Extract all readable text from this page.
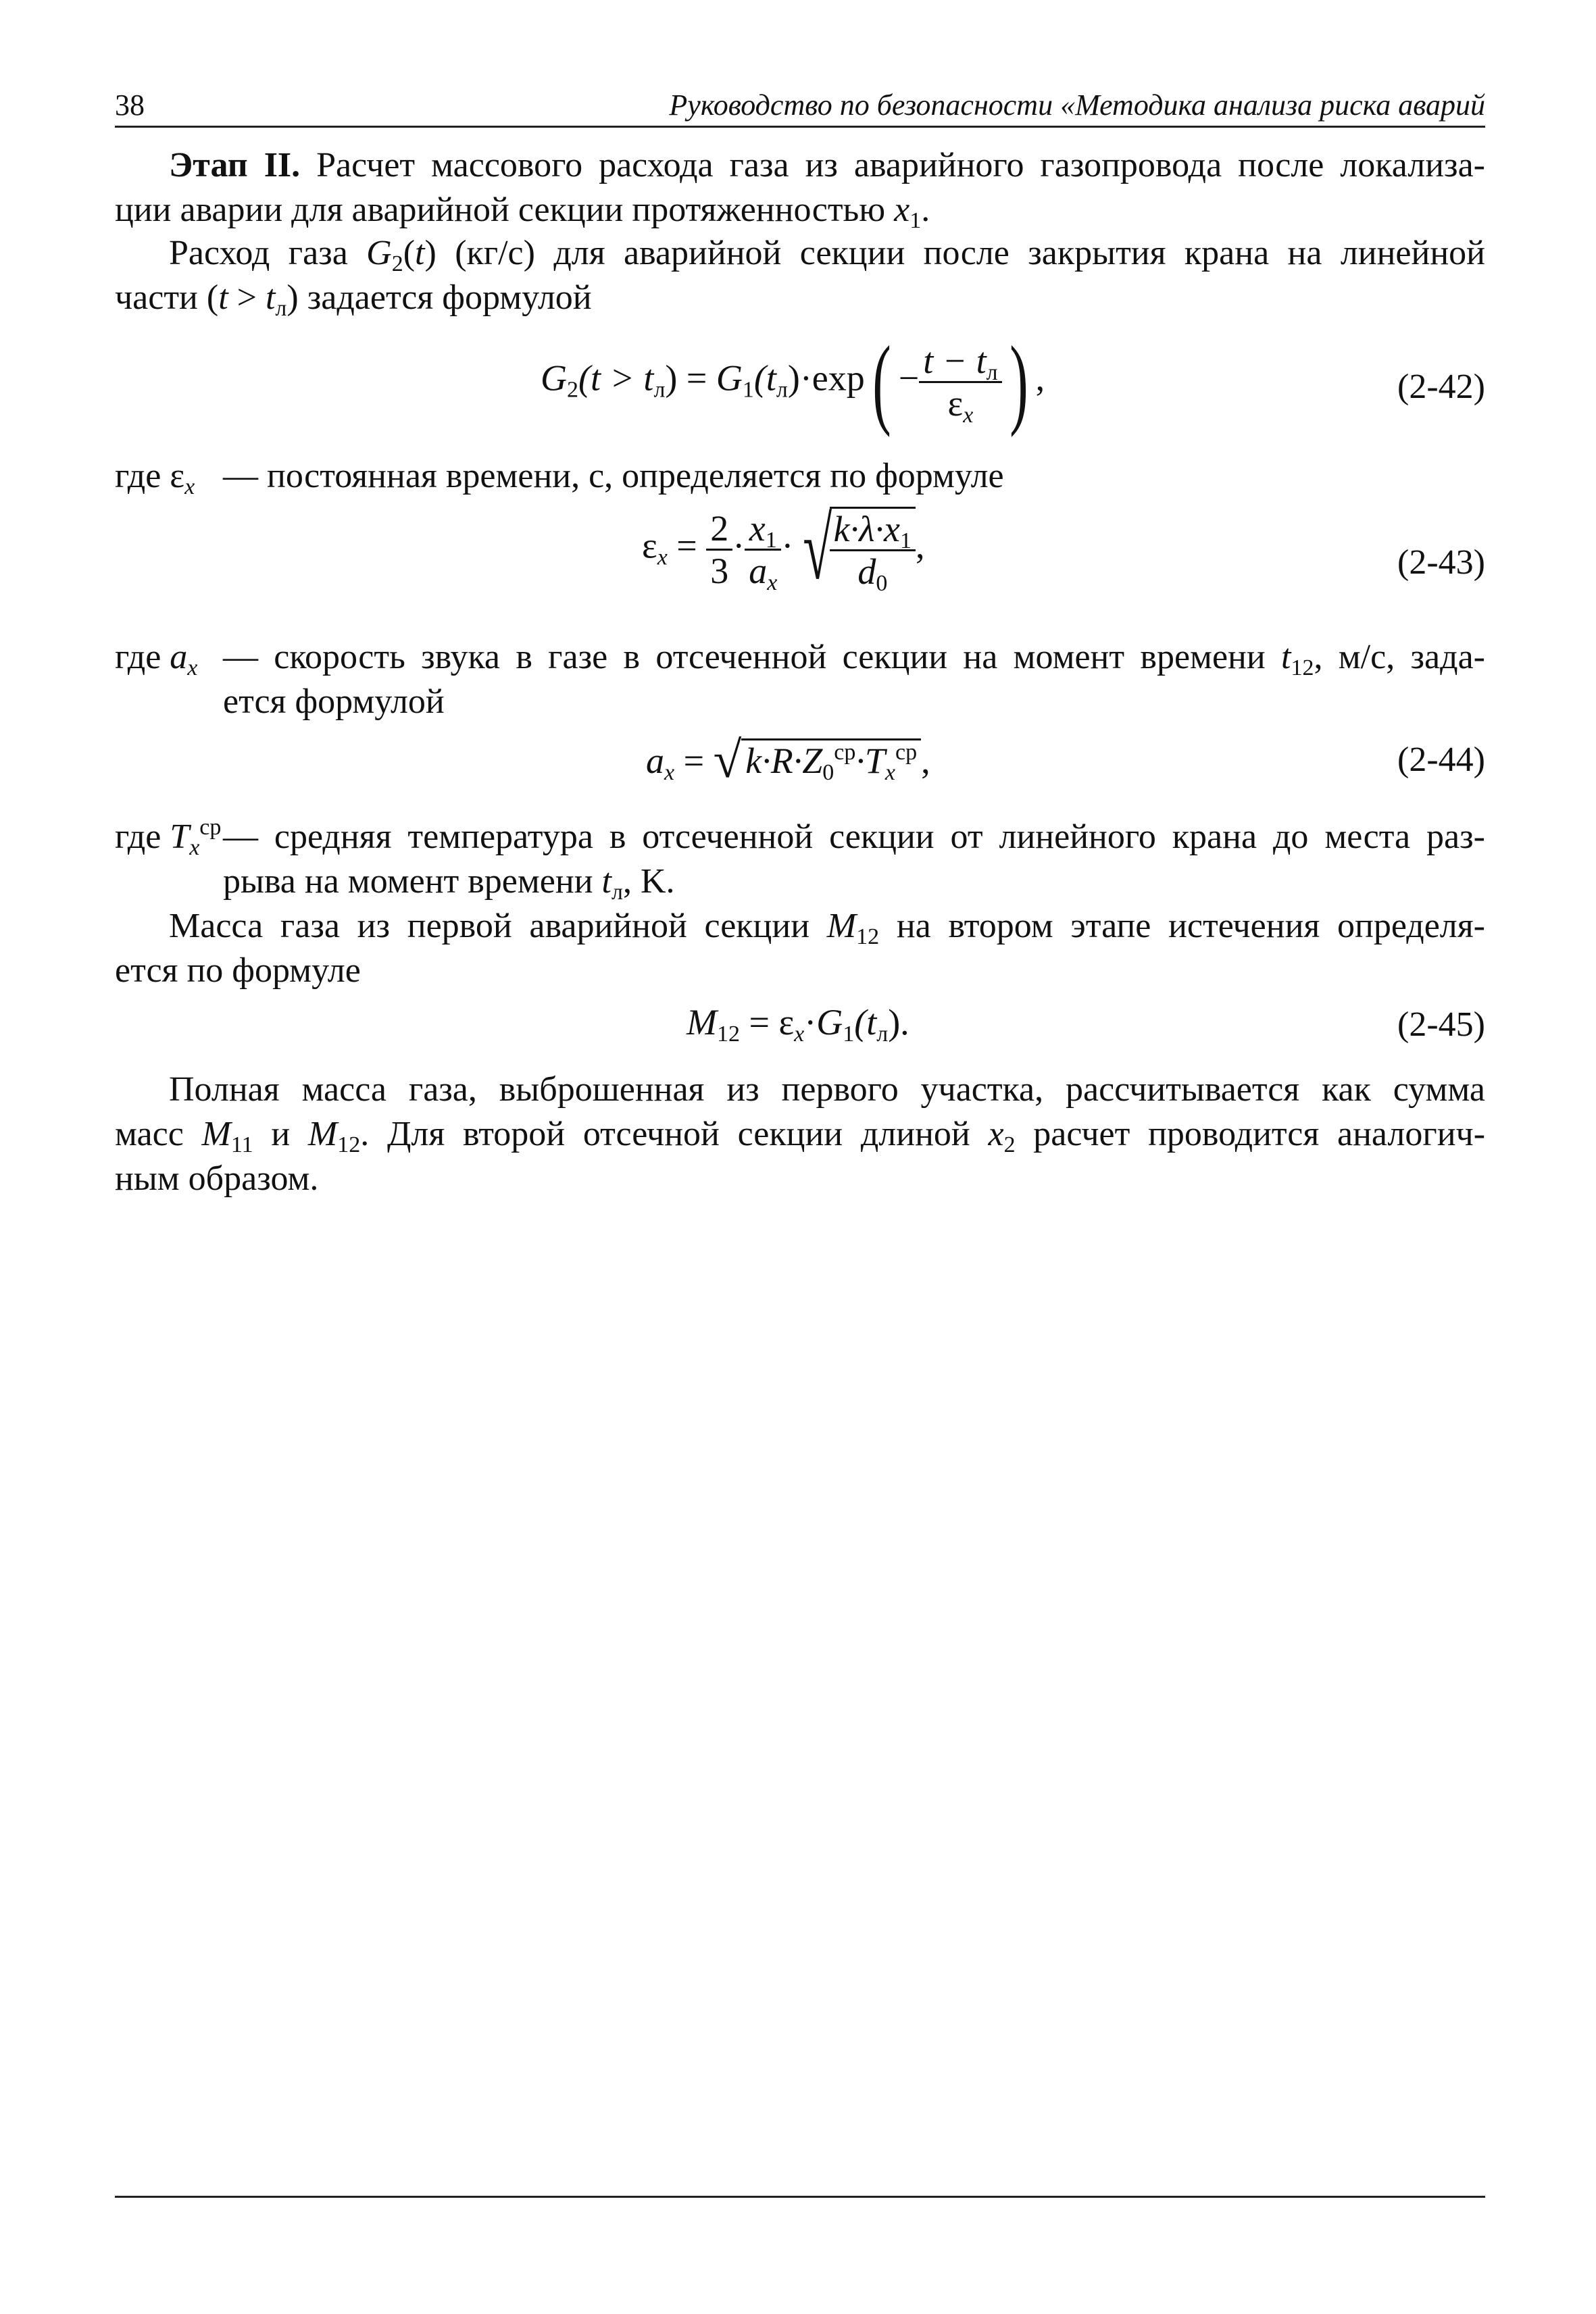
38	Руководство по безопасности «Методика анализа риска аварий
Этап II. Расчет массового расхода газа из аварийного газопровода после локализа-
ции аварии для аварийной секции протяженностью $x_1$.
Расход газа $G_2(t)$ (кг/с) для аварийной секции после закрытия крана на линейной
части $(t > t_л)$ задается формулой
$G_2(t > t_л) = G_1(t_л)\cdot\exp( - \frac{t - t_л}{\varepsilon_x}$ ) ,	(2-42)
где $\varepsilon_x$ — постоянная времени, с, определяется по формуле
$\varepsilon_x = \frac{2}{3} \cdot \frac{x_1}{a_x}$ · √
$\frac{k\cdot\lambda\cdot x_1}{d_0}$ ,	(2-43)
где $a_x$ — скорость звука в газе в отсеченной секции на момент времени $t_{12}$, м/с, зада-
ется формулой
$a_x$ = √ $k\cdot R\cdot Z_0^{ср}\cdot T_x^{ср}$ ,	(2-44)
где $T_x^{ср}$ — средняя температура в отсеченной секции от линейного крана до места раз-
рыва на момент времени $t_л$, K.
Масса газа из первой аварийной секции $M_{12}$ на втором этапе истечения определя-
ется по формуле
$M_{12} = \varepsilon_x\cdot G_1(t_л)$.	(2-45)
Полная масса газа, выброшенная из первого участка, рассчитывается как сумма
масс $M_{11}$ и $M_{12}$. Для второй отсечной секции длиной $x_2$ расчет проводится аналогич-
ным образом.
